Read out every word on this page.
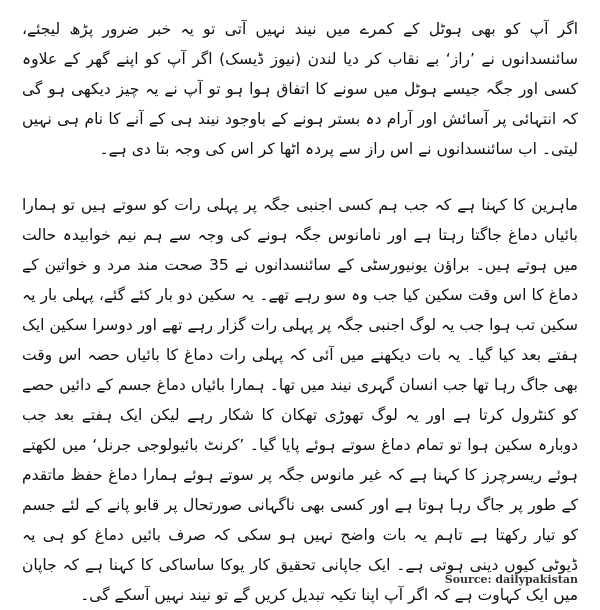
اگر آپ کو بھی ہوٹل کے کمرے میں نیند نہیں آتی تو یہ خبر ضرور پڑھ لیجئے، سائنسدانوں نے ’راز‘ بے نقاب کر دیا لندن (نیوز ڈیسک) اگر آپ کو اپنے گھر کے علاوہ کسی اور جگہ جیسے ہوٹل میں سونے کا اتفاق ہوا ہو تو آپ نے یہ چیز دیکھی ہو گی کہ انتہائی پر آسائش اور آرام دہ بستر ہونے کے باوجود نیند ہی کے آنے کا نام ہی نہیں لیتی۔ اب سائنسدانوں نے اس راز سے پردہ اٹھا کر اس کی وجہ بتا دی ہے۔

ماہرین کا کہنا ہے کہ جب ہم کسی اجنبی جگہ پر پہلی رات کو سوتے ہیں تو ہمارا بائیاں دماغ جاگتا رہتا ہے اور نامانوس جگہ ہونے کی وجہ سے ہم نیم خوابیدہ حالت میں ہوتے ہیں۔ براؤن یونیورسٹی کے سائنسدانوں نے 35 صحت مند مرد و خواتین کے دماغ کا اس وقت سکین کیا جب وہ سو رہے تھے۔ یہ سکین دو بار کئے گئے، پہلی بار یہ سکین تب ہوا جب یہ لوگ اجنبی جگہ پر پہلی رات گزار رہے تھے اور دوسرا سکین ایک ہفتے بعد کیا گیا۔ یہ بات دیکھنے میں آئی کہ پہلی رات دماغ کا بائیاں حصہ اس وقت بھی جاگ رہا تھا جب انسان گہری نیند میں تھا۔ ہمارا بائیاں دماغ جسم کے دائیں حصے کو کنٹرول کرتا ہے اور یہ لوگ تھوڑی تھکان کا شکار رہے لیکن ایک ہفتے بعد جب دوبارہ سکین ہوا تو تمام دماغ سوتے ہوئے پایا گیا۔ ’کرنٹ بائیولوجی جرنل‘ میں لکھتے ہوئے ریسرچرز کا کہنا ہے کہ غیر مانوس جگہ پر سوتے ہوئے ہمارا دماغ حفظ ماتقدم کے طور پر جاگ رہا ہوتا ہے اور کسی بھی ناگہانی صورتحال پر قابو پانے کے لئے جسم کو تیار رکھتا ہے تاہم یہ بات واضح نہیں ہو سکی کہ صرف بائیں دماغ کو ہی یہ ڈیوٹی کیوں دینی ہوتی ہے۔ ایک جاپانی تحقیق کار یوکا ساساکی کا کہنا ہے کہ جاپان میں ایک کہاوت ہے کہ اگر آپ اپنا تکیہ تبدیل کریں گے تو نیند نہیں آسکے گی۔

Source: dailypakistan
